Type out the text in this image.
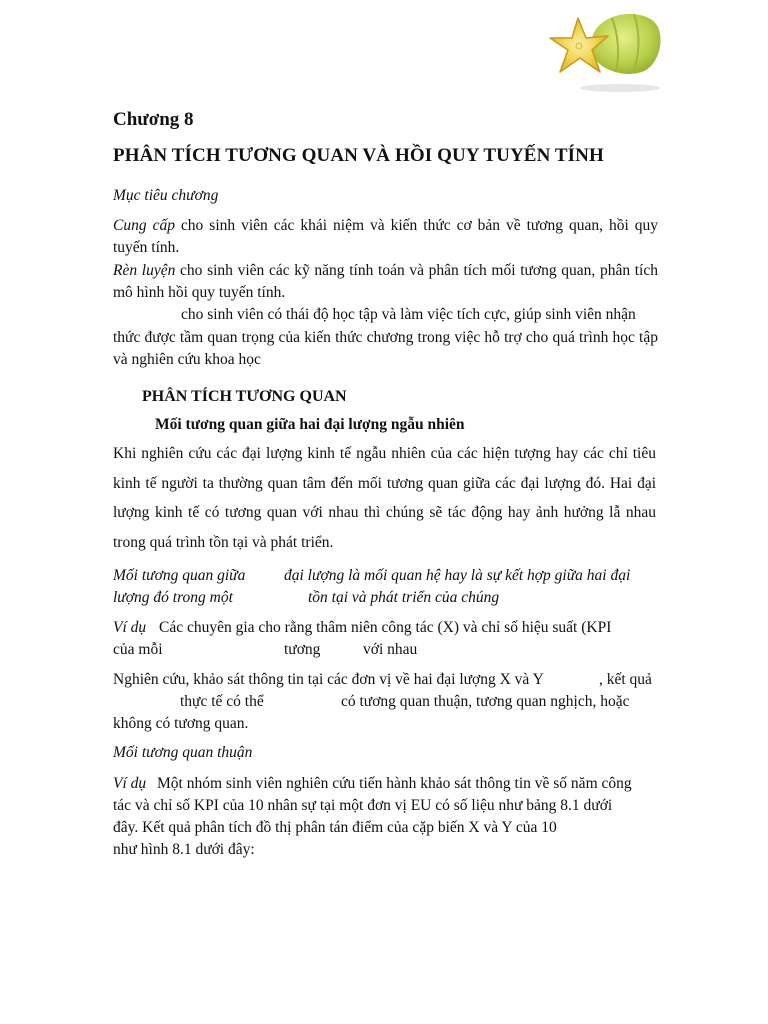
Chương 8
PHÂN TÍCH TƯƠNG QUAN VÀ HỒI QUY TUYẾN TÍNH
Mục tiêu chương

Cung cấp cho sinh viên các khái niệm và kiến thức cơ bản về tương quan, hồi quy tuyến tính.

Rèn luyện cho sinh viên các kỹ năng tính toán và phân tích mối tương quan, phân tích mô hình hồi quy tuyến tính.

cho sinh viên có thái độ học tập và làm việc tích cực, giúp sinh viên nhận

thức được tầm quan trọng của kiến thức chương trong việc hỗ trợ cho quá trình học tập và nghiên cứu khoa học

PHÂN TÍCH TƯƠNG QUAN
Mối tương quan giữa hai đại lượng ngẫu nhiên

Khi nghiên cứu các đại lượng kinh tế ngẫu nhiên của các hiện tượng hay các chỉ tiêu kinh tế người ta thường quan tâm đến mối tương quan giữa các đại lượng đó. Hai đại lượng kinh tế có tương quan với nhau thì chúng sẽ tác động hay ảnh hưởng lẫ nhau trong quá trình tồn tại và phát triển.

Mối tương quan giữa đại lượng là mối quan hệ hay là sự kết hợp giữa hai đại
lượng đó trong một	tồn tại và phát triển của chúng
Ví dụ Các chuyên gia cho rằng thâm niên công tác (X) và chỉ số hiệu suất (KPI
của mỗi	tương	với nhau
Nghiên cứu, khảo sát thông tin tại các đơn vị về hai đại lượng X và Y	, kết quả
thực tế có thể	có tương quan thuận, tương quan nghịch, hoặc
không có tương quan.
Mối tương quan thuận
Ví dụ Một nhóm sinh viên nghiên cứu tiến hành khảo sát thông tin về số năm công
tác và chỉ số KPI của 10 nhân sự tại một đơn vị EU có số liệu như bảng 8.1 dưới
đây. Kết quả phân tích đồ thị phân tán điểm của cặp biến X và Y của 10
như hình 8.1 dưới đây:
